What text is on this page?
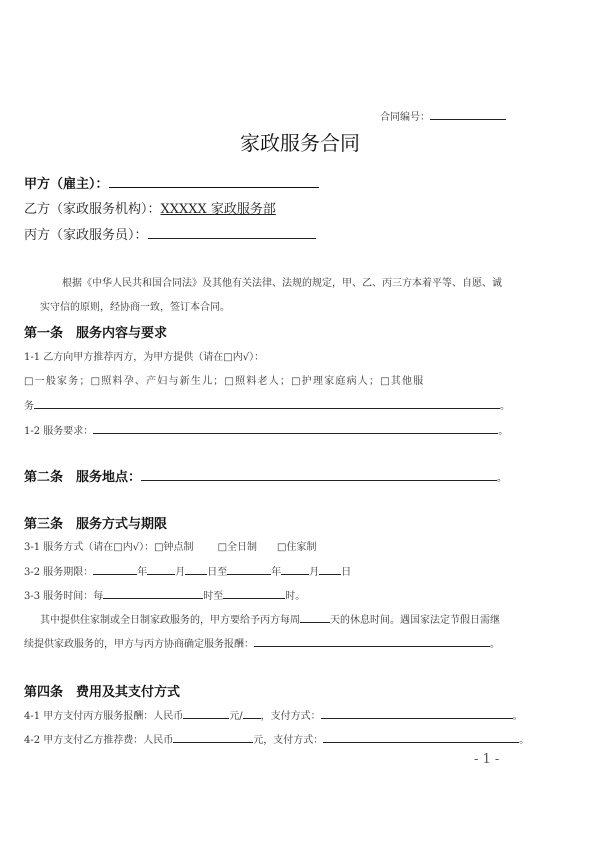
合同编号：
家政服务合同
甲方（雇主）：
乙方（家政服务机构）：XXXXX 家政服务部
丙方（家政服务员）：
根据《中华人民共和国合同法》及其他有关法律、法规的规定，甲、乙、丙三方本着平等、自愿、诚
实守信的原则，经协商一致，签订本合同。
第一条　服务内容与要求
1-1 乙方向甲方推荐丙方，为甲方提供（请在□内√）：
□一般家务；□照料孕、产妇与新生儿；□照料老人；□护理家庭病人；□其他服
务	。
1-2 服务要求：	。
第二条　服务地点：	。
第三条　服务方式与期限
3-1 服务方式（请在□内√）：□钟点制 □全日制 □住家制
3-2 服务期限：	年	月 日至	年	月 日
3-3 服务时间：每	时至	时。
其中提供住家制或全日制家政服务的，甲方要给予丙方每周	天的休息时间。遇国家法定节假日需继
续提供家政服务的，甲方与丙方协商确定服务报酬：	。
第四条　费用及其支付方式
4-1 甲方支付丙方服务报酬：人民币	元/ ，支付方式：	。
4-2 甲方支付乙方推荐费：人民币	元，支付方式：	。
- 1 -
